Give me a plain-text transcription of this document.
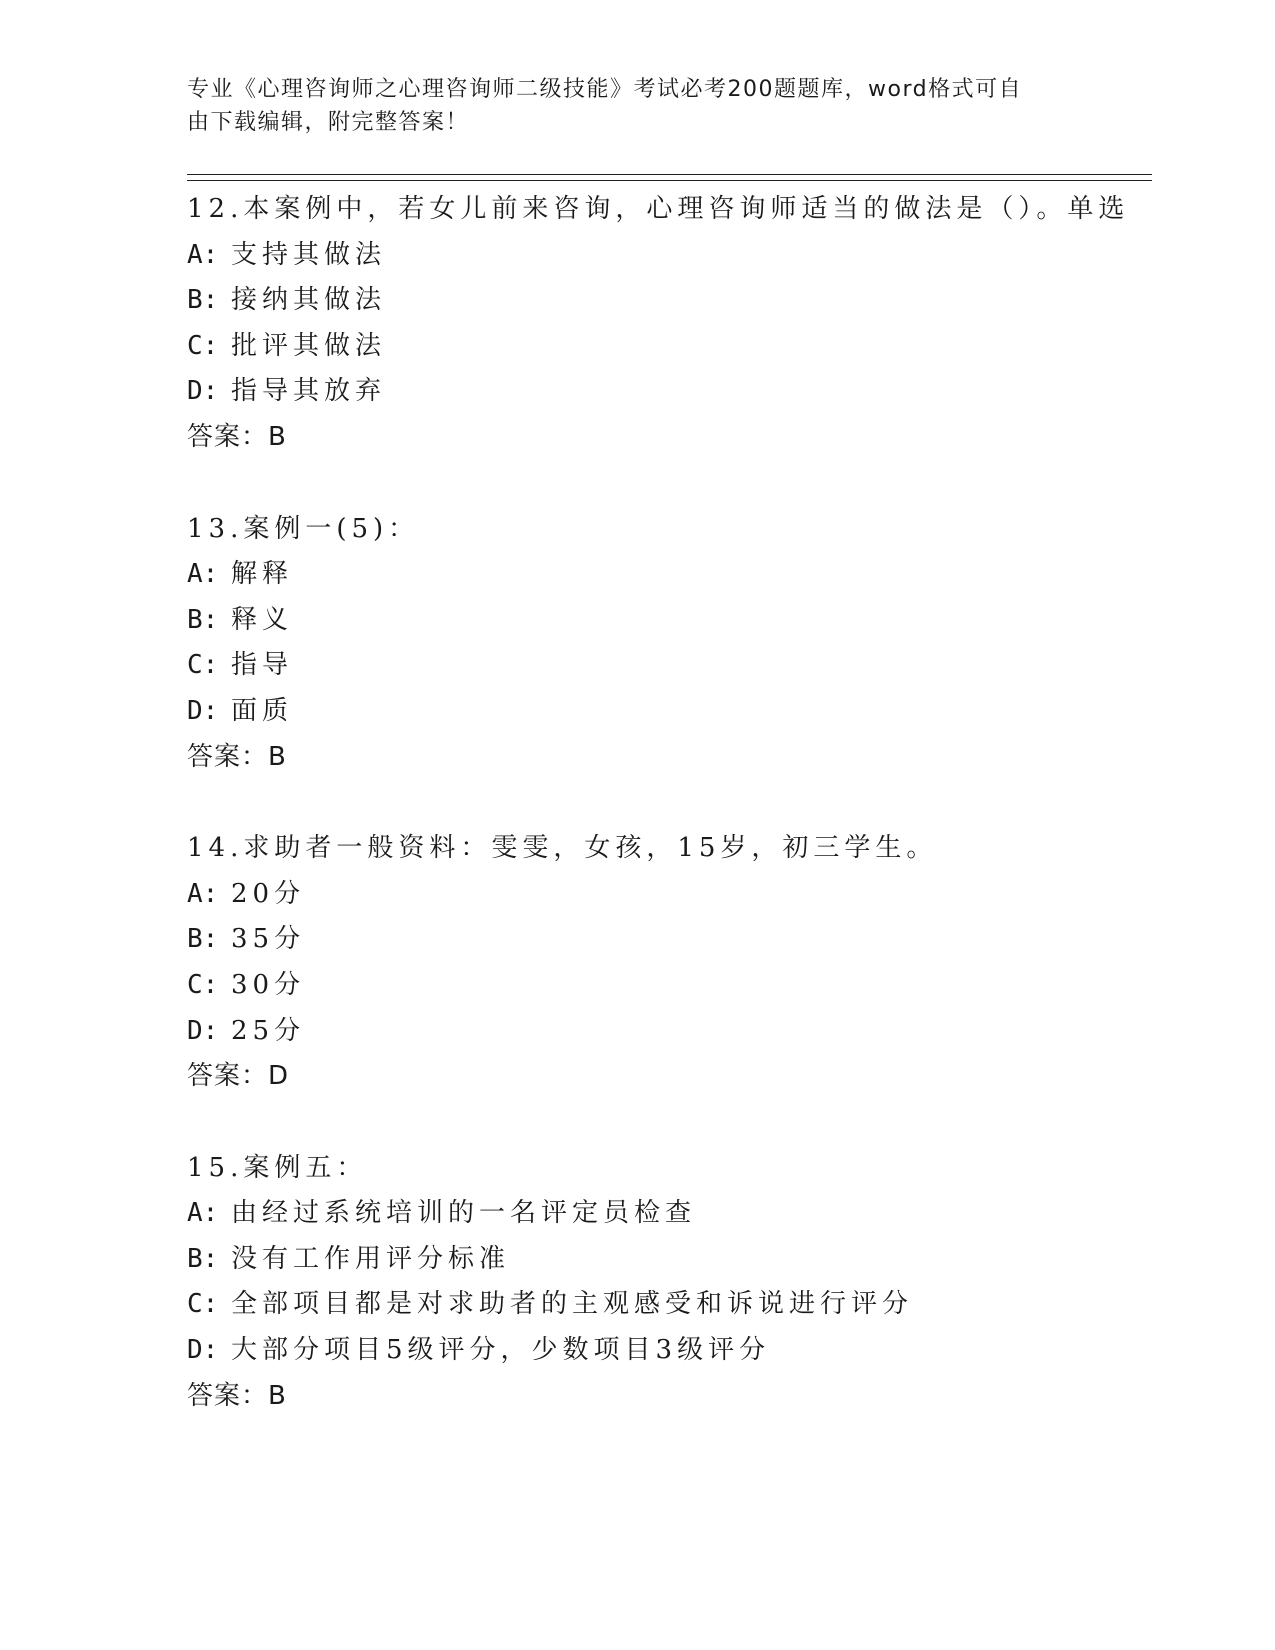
专业《心理咨询师之心理咨询师二级技能》考试必考200题题库，word格式可自
由下载编辑，附完整答案！
12.本案例中，若女儿前来咨询，心理咨询师适当的做法是（）。单选
A: 支持其做法
B: 接纳其做法
C: 批评其做法
D: 指导其放弃
答案：B
13.案例一(5)：
A: 解释
B: 释义
C: 指导
D: 面质
答案：B
14.求助者一般资料：雯雯，女孩，15岁，初三学生。
A: 20分
B: 35分
C: 30分
D: 25分
答案：D
15.案例五：
A: 由经过系统培训的一名评定员检查
B: 没有工作用评分标准
C: 全部项目都是对求助者的主观感受和诉说进行评分
D: 大部分项目5级评分，少数项目3级评分
答案：B
